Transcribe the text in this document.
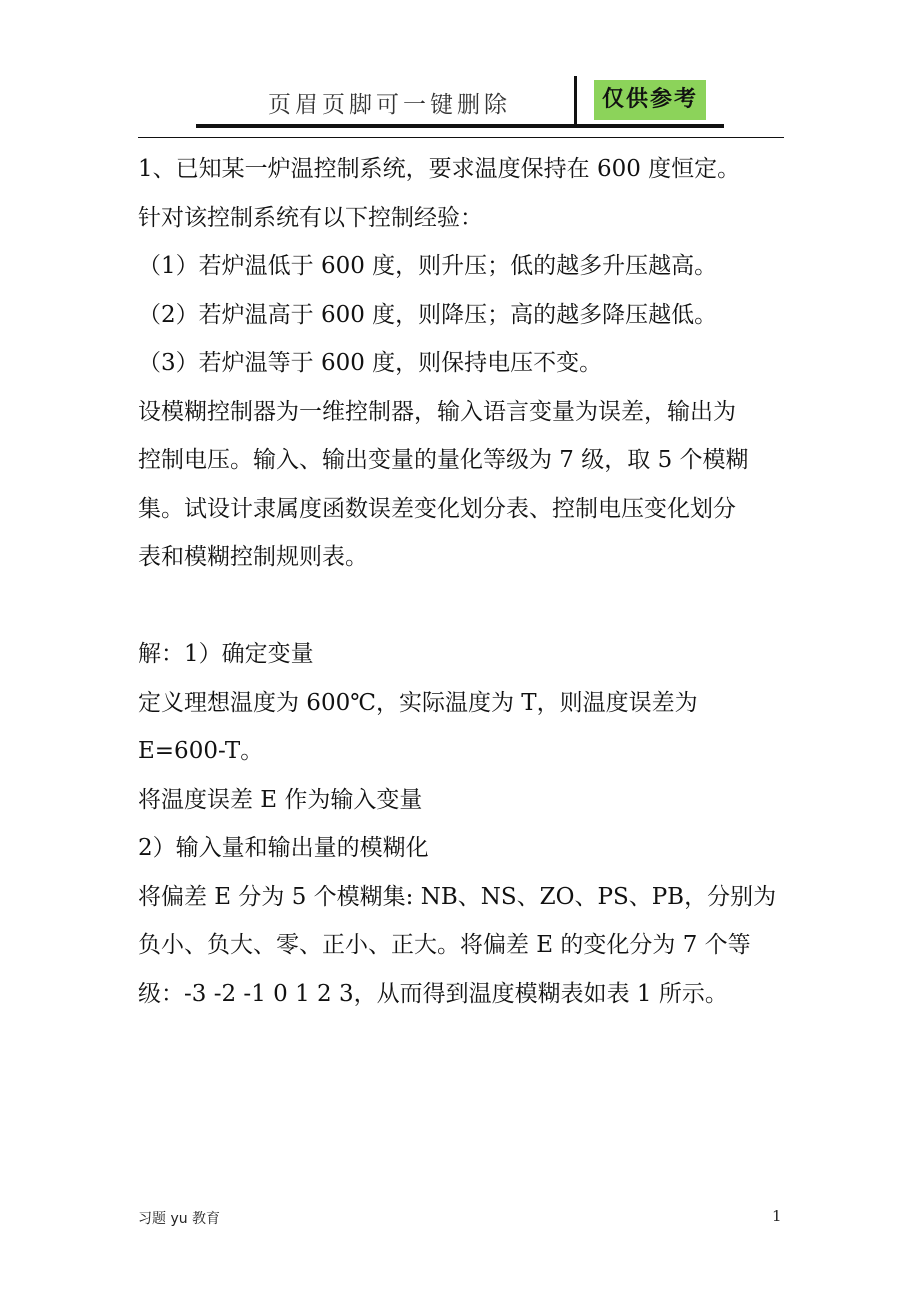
页眉页脚可一键删除	仅供参考

1、已知某一炉温控制系统，要求温度保持在 600 度恒定。

针对该控制系统有以下控制经验：

（1）若炉温低于 600 度，则升压；低的越多升压越高。

（2）若炉温高于 600 度，则降压；高的越多降压越低。

（3）若炉温等于 600 度，则保持电压不变。

设模糊控制器为一维控制器，输入语言变量为误差，输出为

控制电压。输入、输出变量的量化等级为 7 级，取 5 个模糊

集。试设计隶属度函数误差变化划分表、控制电压变化划分

表和模糊控制规则表。

解：1）确定变量

定义理想温度为 600℃，实际温度为 T，则温度误差为

E=600-T。

将温度误差 E 作为输入变量

2）输入量和输出量的模糊化

将偏差 E 分为 5 个模糊集: NB、NS、ZO、PS、PB，分别为

负小、负大、零、正小、正大。将偏差 E 的变化分为 7 个等

级：-3 -2 -1 0 1 2 3，从而得到温度模糊表如表 1 所示。

习题 yu 教育	1
